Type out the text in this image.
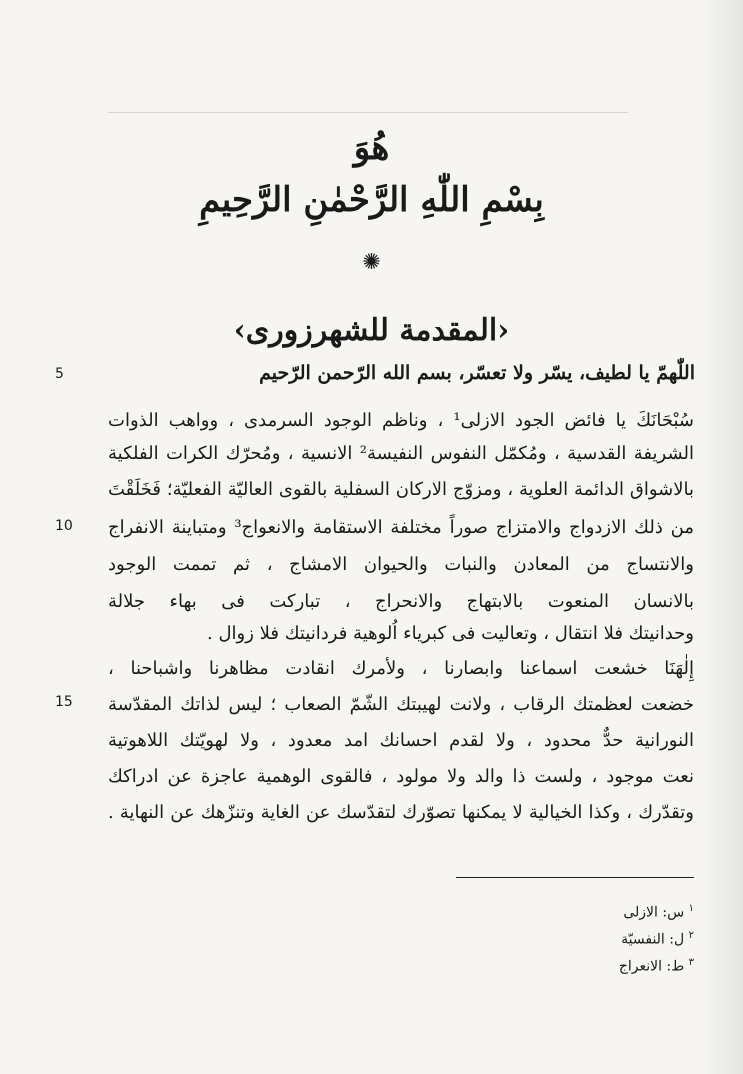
هُوَ
بِسْمِ اللّٰهِ الرَّحْمٰنِ الرَّحِيمِ
✺
‹المقدمة للشهرزوری›
اللّٰهمّ يا لطيف، يسّر ولا تعسّر، بسم الله الرّحمن الرّحيم
5
10
15
سُبْحَانَكَ يا فائض الجود الازلی¹ ، وناظم الوجود السرمدی ، وواهب الذوات
الشريفة القدسية ، ومُكمّل النفوس النفيسة² الانسية ، ومُحرّك الكرات الفلكية
بالاشواق الدائمة العلوية ، ومزوّج الاركان السفلية بالقوی العاليّة الفعليّة؛ فَخَلَقْتَ
من ذلك الازدواج والامتزاج صوراً مختلفة الاستقامة والانعواج³ ومتباينة الانفراج
والانتساج من المعادن والنبات والحيوان الامشاج ، ثم تممت الوجود
بالانسان المنعوت بالابتهاج والانحراج ، تباركت فی بهاء جلالة
وحدانيتك فلا انتقال ، وتعاليت فی كبرياء اُلوهية فردانيتك فلا زوال .
إِلٰهَنَا خشعت اسماعنا وابصارنا ، ولأمرك انقادت مظاهرنا واشباحنا ،
خضعت لعظمتك الرقاب ، ولانت لهيبتك الشّمّ الصعاب ؛ ليس لذاتك المقدّسة
النورانية حدٌّ محدود ، ولا لقدم احسانك امد معدود ، ولا لهويّتك اللاهوتية
نعت موجود ، ولست ذا والد ولا مولود ، فالقوی الوهمية عاجزة عن ادراكك
وتقدّرك ، وكذا الخيالية لا يمكنها تصوّرك لتقدّسك عن الغاية وتنزّهك عن النهاية .
$^١$ س: الازلی
$^٢$ ل: النفسيّة
$^٣$ ط: الانعراج
